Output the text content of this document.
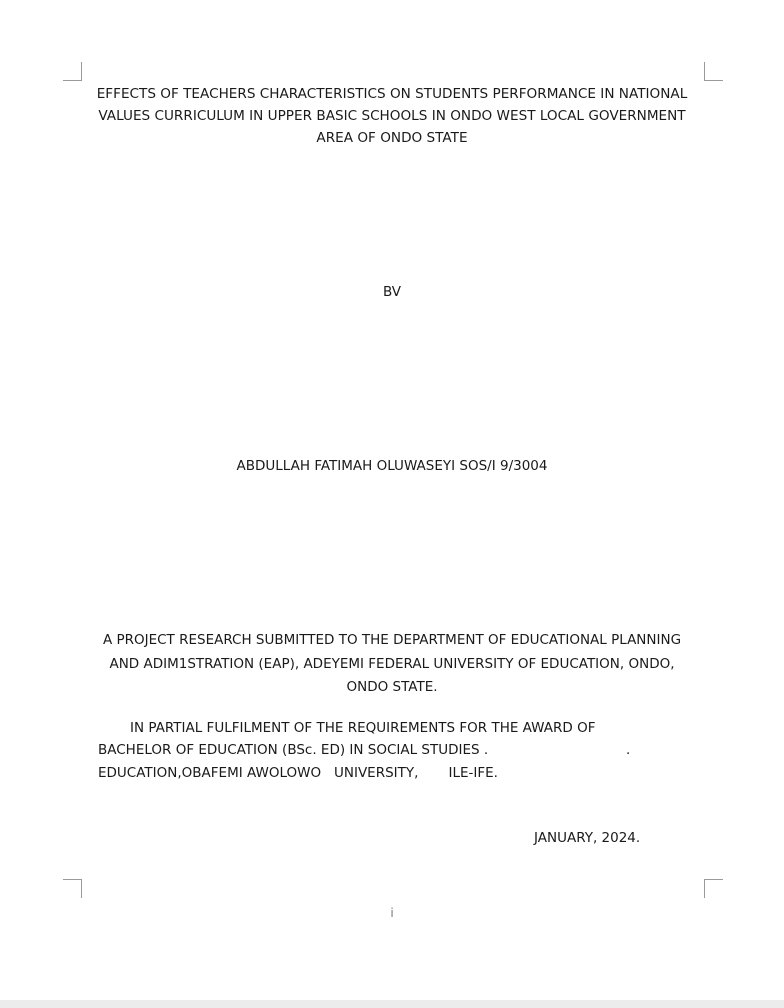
EFFECTS OF TEACHERS CHARACTERISTICS ON STUDENTS PERFORMANCE IN NATIONAL
VALUES CURRICULUM IN UPPER BASIC SCHOOLS IN ONDO WEST LOCAL GOVERNMENT
AREA OF ONDO STATE
BV
ABDULLAH FATIMAH OLUWASEYI SOS/I 9/3004
A PROJECT RESEARCH SUBMITTED TO THE DEPARTMENT OF EDUCATIONAL PLANNING
AND ADIM1STRATION (EAP), ADEYEMI FEDERAL UNIVERSITY OF EDUCATION, ONDO,
ONDO STATE.
IN PARTIAL FULFILMENT OF THE REQUIREMENTS FOR THE AWARD OF
BACHELOR OF EDUCATION (BSc. ED) IN SOCIAL STUDIES .	.
EDUCATION,OBAFEMI AWOLOWO   UNIVERSITY,       ILE-IFE.
JANUARY, 2024.
i
